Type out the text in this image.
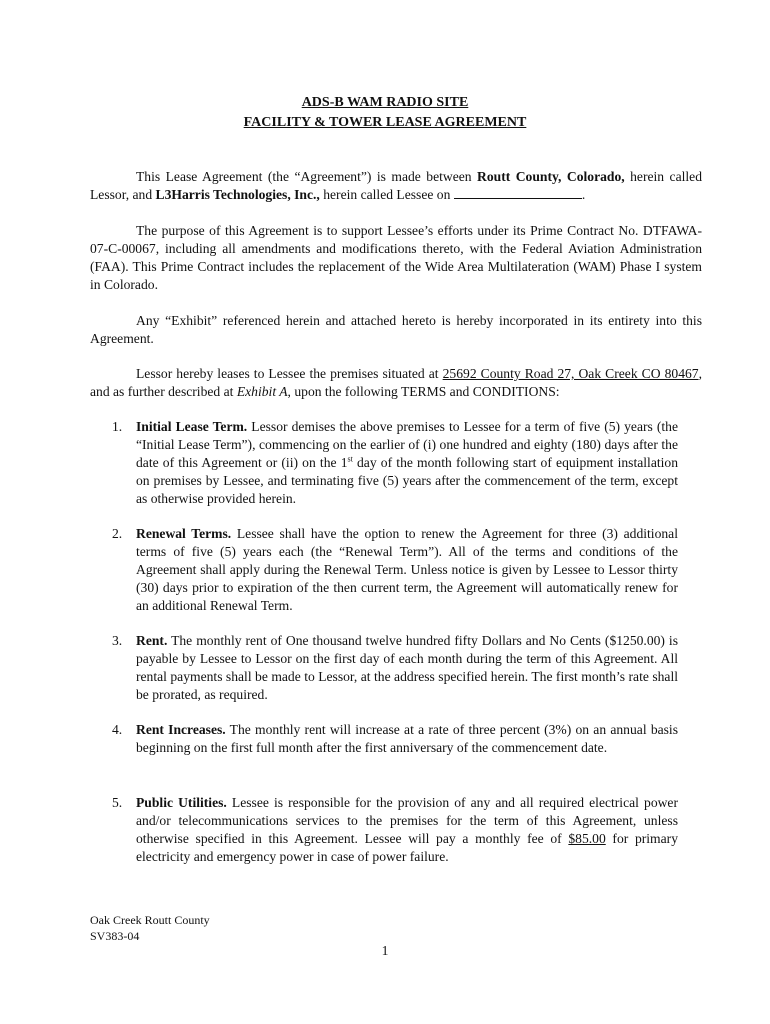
ADS-B WAM RADIO SITE
FACILITY & TOWER LEASE AGREEMENT

This Lease Agreement (the “Agreement”) is made between Routt County, Colorado, herein called Lessor, and L3Harris Technologies, Inc., herein called Lessee on	.

The purpose of this Agreement is to support Lessee’s efforts under its Prime Contract No. DTFAWA-07-C-00067, including all amendments and modifications thereto, with the Federal Aviation Administration (FAA). This Prime Contract includes the replacement of the Wide Area Multilateration (WAM) Phase I system in Colorado.

Any “Exhibit” referenced herein and attached hereto is hereby incorporated in its entirety into this Agreement.

Lessor hereby leases to Lessee the premises situated at 25692 County Road 27, Oak Creek CO 80467, and as further described at Exhibit A, upon the following TERMS and CONDITIONS:

1. Initial Lease Term. Lessor demises the above premises to Lessee for a term of five (5) years (the “Initial Lease Term”), commencing on the earlier of (i) one hundred and eighty (180) days after the date of this Agreement or (ii) on the 1st day of the month following start of equipment installation on premises by Lessee, and terminating five (5) years after the commencement of the term, except as otherwise provided herein.
2. Renewal Terms. Lessee shall have the option to renew the Agreement for three (3) additional terms of five (5) years each (the “Renewal Term”). All of the terms and conditions of the Agreement shall apply during the Renewal Term. Unless notice is given by Lessee to Lessor thirty (30) days prior to expiration of the then current term, the Agreement will automatically renew for an additional Renewal Term.
3. Rent. The monthly rent of One thousand twelve hundred fifty Dollars and No Cents ($1250.00) is payable by Lessee to Lessor on the first day of each month during the term of this Agreement. All rental payments shall be made to Lessor, at the address specified herein. The first month’s rate shall be prorated, as required.
4. Rent Increases. The monthly rent will increase at a rate of three percent (3%) on an annual basis beginning on the first full month after the first anniversary of the commencement date.
5. Public Utilities. Lessee is responsible for the provision of any and all required electrical power and/or telecommunications services to the premises for the term of this Agreement, unless otherwise specified in this Agreement. Lessee will pay a monthly fee of $85.00 for primary electricity and emergency power in case of power failure.
Oak Creek Routt County
SV383-04
1
